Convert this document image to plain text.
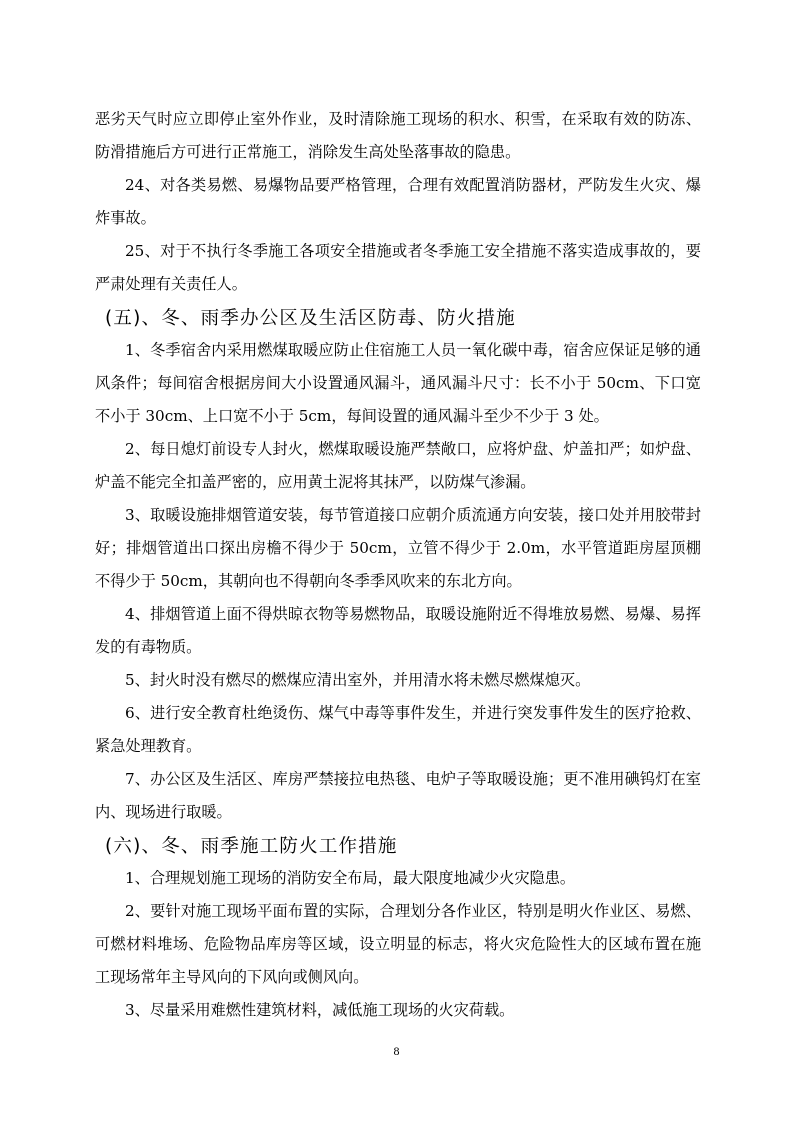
恶劣天气时应立即停止室外作业，及时清除施工现场的积水、积雪，在采取有效的防冻、防滑措施后方可进行正常施工，消除发生高处坠落事故的隐患。

24、对各类易燃、易爆物品要严格管理，合理有效配置消防器材，严防发生火灾、爆炸事故。

25、对于不执行冬季施工各项安全措施或者冬季施工安全措施不落实造成事故的，要严肃处理有关责任人。

(五)、冬、雨季办公区及生活区防毒、防火措施

1、冬季宿舍内采用燃煤取暖应防止住宿施工人员一氧化碳中毒，宿舍应保证足够的通风条件；每间宿舍根据房间大小设置通风漏斗，通风漏斗尺寸：长不小于 50cm、下口宽不小于 30cm、上口宽不小于 5cm，每间设置的通风漏斗至少不少于 3 处。

2、每日熄灯前设专人封火，燃煤取暖设施严禁敞口，应将炉盘、炉盖扣严；如炉盘、炉盖不能完全扣盖严密的，应用黄土泥将其抹严，以防煤气渗漏。

3、取暖设施排烟管道安装，每节管道接口应朝介质流通方向安装，接口处并用胶带封好；排烟管道出口探出房檐不得少于 50cm，立管不得少于 2.0m，水平管道距房屋顶棚不得少于 50cm，其朝向也不得朝向冬季季风吹来的东北方向。

4、排烟管道上面不得烘晾衣物等易燃物品，取暖设施附近不得堆放易燃、易爆、易挥发的有毒物质。

5、封火时没有燃尽的燃煤应清出室外，并用清水将未燃尽燃煤熄灭。

6、进行安全教育杜绝烫伤、煤气中毒等事件发生，并进行突发事件发生的医疗抢救、紧急处理教育。

7、办公区及生活区、库房严禁接拉电热毯、电炉子等取暖设施；更不准用碘钨灯在室内、现场进行取暖。

(六)、冬、雨季施工防火工作措施

1、合理规划施工现场的消防安全布局，最大限度地减少火灾隐患。

2、要针对施工现场平面布置的实际，合理划分各作业区，特别是明火作业区、易燃、可燃材料堆场、危险物品库房等区域，设立明显的标志，将火灾危险性大的区域布置在施工现场常年主导风向的下风向或侧风向。

3、尽量采用难燃性建筑材料，减低施工现场的火灾荷载。

8
